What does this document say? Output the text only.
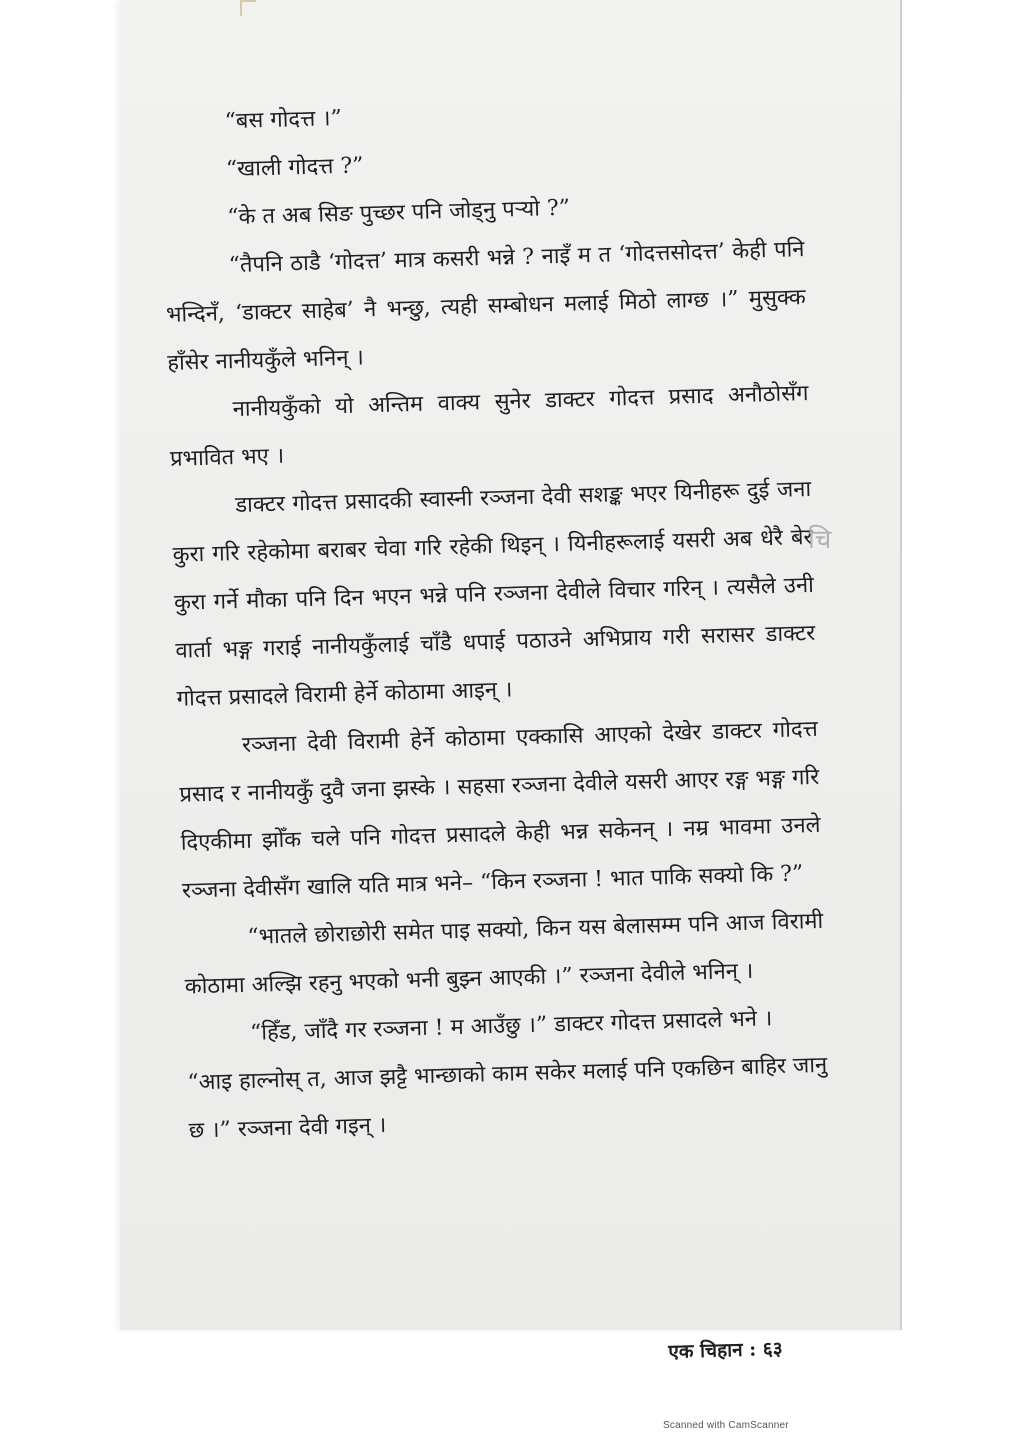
“बस गोदत्त ।”

“खाली गोदत्त ?”

“के त अब सिङ पुच्छर पनि जोड्नु पर्‍यो ?”

“तैपनि ठाडै ‘गोदत्त’ मात्र कसरी भन्ने ? नाइँ म त ‘गोदत्तसोदत्त’ केही पनि भन्दिनँ, ‘डाक्टर साहेब’ नै भन्छु, त्यही सम्बोधन मलाई मिठो लाग्छ ।” मुसुक्क हाँसेर नानीयकुँले भनिन् ।

नानीयकुँको यो अन्तिम वाक्य सुनेर डाक्टर गोदत्त प्रसाद अनौठोसँग प्रभावित भए ।

डाक्टर गोदत्त प्रसादकी स्वास्नी रञ्जना देवी सशङ्क भएर यिनीहरू दुई जना कुरा गरि रहेकोमा बराबर चेवा गरि रहेकी थिइन् । यिनीहरूलाई यसरी अब धेरै बेर कुरा गर्ने मौका पनि दिन भएन भन्ने पनि रञ्जना देवीले विचार गरिन् । त्यसैले उनी वार्ता भङ्ग गराई नानीयकुँलाई चाँडै धपाई पठाउने अभिप्राय गरी सरासर डाक्टर गोदत्त प्रसादले विरामी हेर्ने कोठामा आइन् ।

रञ्जना देवी विरामी हेर्ने कोठामा एक्कासि आएको देखेर डाक्टर गोदत्त प्रसाद र नानीयकुँ दुवै जना झस्के । सहसा रञ्जना देवीले यसरी आएर रङ्ग भङ्ग गरि दिएकीमा झोँक चले पनि गोदत्त प्रसादले केही भन्न सकेनन् । नम्र भावमा उनले रञ्जना देवीसँग खालि यति मात्र भने– “किन रञ्जना ! भात पाकि सक्यो कि ?”

“भातले छोराछोरी समेत पाइ सक्यो, किन यस बेलासम्म पनि आज विरामी कोठामा अल्झि रहनु भएको भनी बुझ्न आएकी ।” रञ्जना देवीले भनिन् ।

“हिँड, जाँदै गर रञ्जना ! म आउँछु ।” डाक्टर गोदत्त प्रसादले भने ।

“आइ हाल्नोस् त, आज झट्टै भान्छाको काम सकेर मलाई पनि एकछिन बाहिर जानु छ ।” रञ्जना देवी गइन् ।

चि
एक चिहान : ६३
Scanned with CamScanner
